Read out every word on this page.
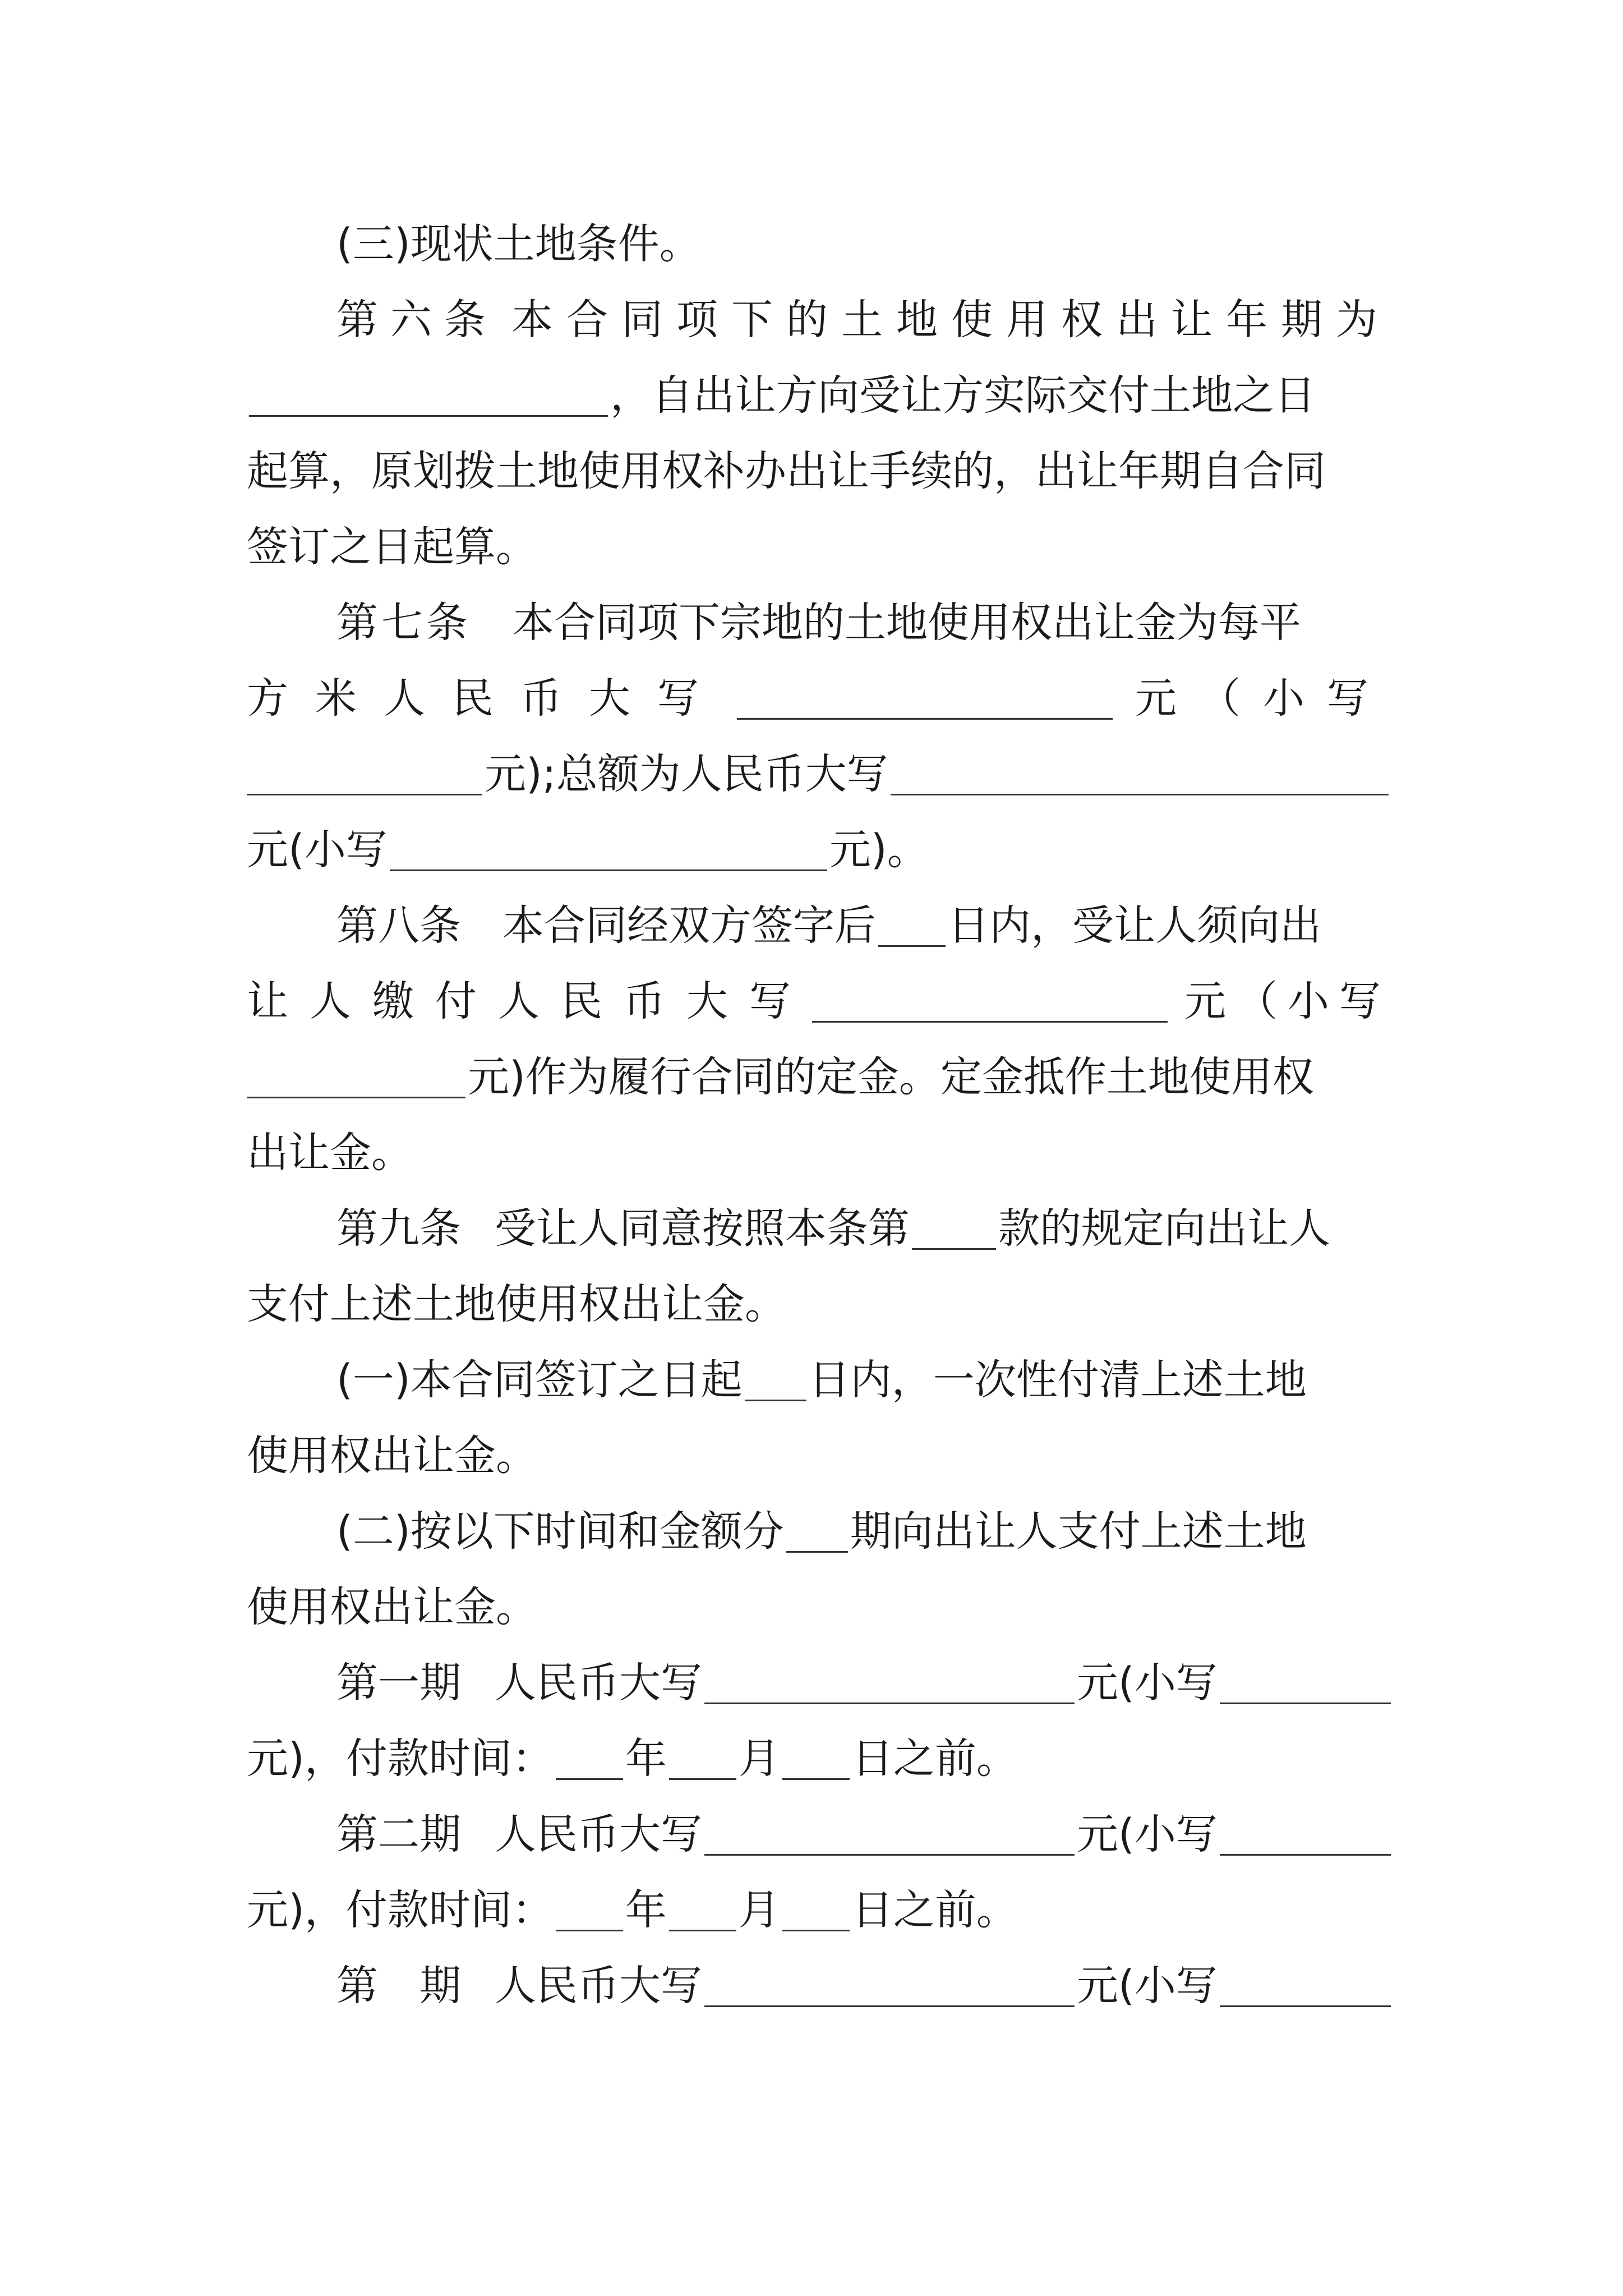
(三)现状土地条件。
第六条 本合同项下的土地使用权出让年期为
，自出让方向受让方实际交付土地之日
起算，原划拨土地使用权补办出让手续的，出让年期自合同
签订之日起算。
第七条 本合同项下宗地的土地使用权出让金为每平
方米人民币大写	元（小写
元);总额为人民币大写
元(小写	元)。
第八条 本合同经双方签字后 日内，受让人须向出
让人缴付人民币大写	元（小写
元)作为履行合同的定金。定金抵作土地使用权
出让金。
第九条 受让人同意按照本条第 款的规定向出让人
支付上述土地使用权出让金。
(一)本合同签订之日起 日内，一次性付清上述土地
使用权出让金。
(二)按以下时间和金额分 期向出让人支付上述土地
使用权出让金。
第一期 人民币大写	元(小写
元)，付款时间： 年 月 日之前。
第二期 人民币大写	元(小写
元)，付款时间： 年 月 日之前。
第 期 人民币大写	元(小写
